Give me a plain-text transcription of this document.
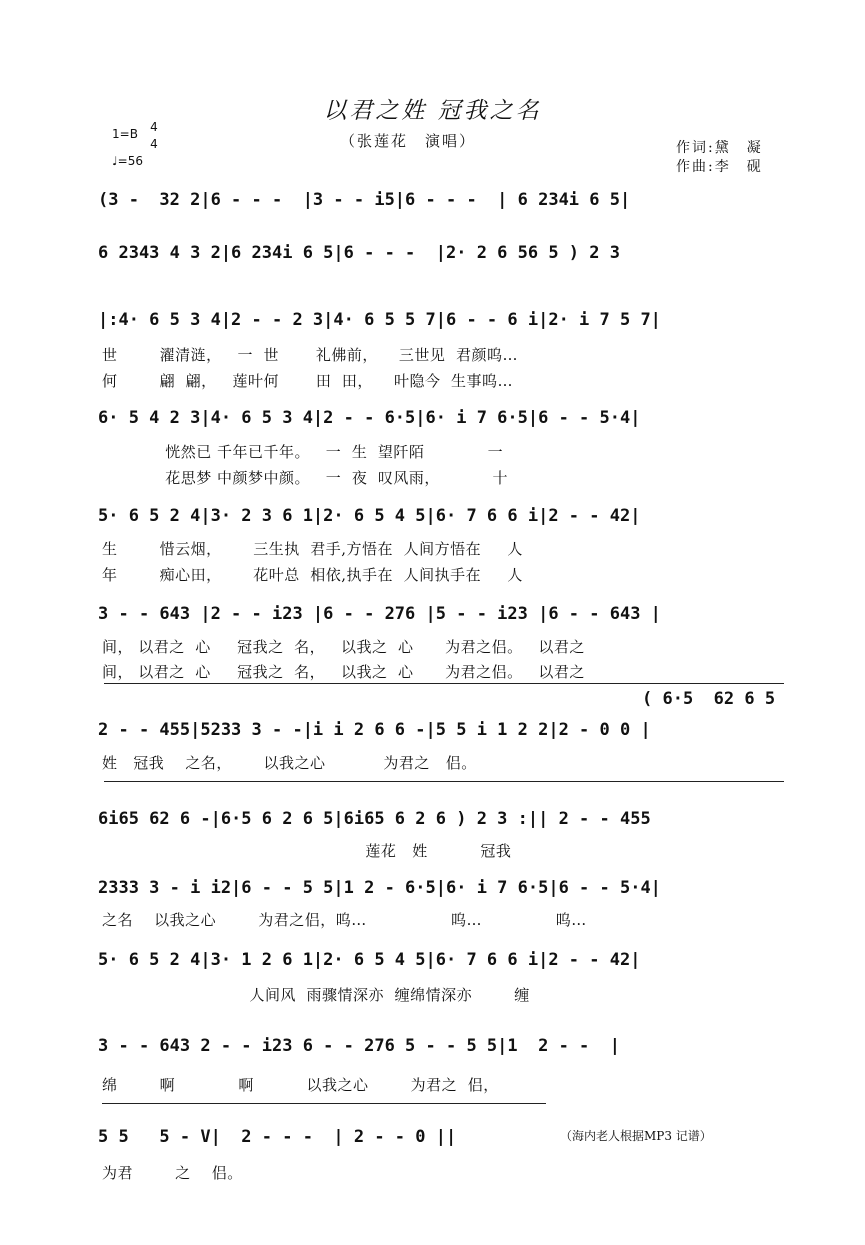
以君之姓 冠我之名
（张莲花　演唱）	作词:黛　凝
作曲:李　砚
1=B 4
4
♩=56
(3 -  32 2|6 - - -  |3 - - i5|6 - - -  | 6 234i 6 5|
6 2343 4 3 2|6 234i 6 5|6 - - -  |2· 2 6 56 5 ) 2 3
|:4· 6 5 3 4|2 - - 2 3|4· 6 5 5 7|6 - - 6 i|2· i 7 5 7|
世        濯清涟，   一  世       礼佛前，    三世见  君颜呜…
何        翩  翩，   莲叶何       田  田，    叶隐今  生事呜…
6· 5 4 2 3|4· 6 5 3 4|2 - - 6·5|6· i 7 6·5|6 - - 5·4|
恍然已 千年已千年。   一  生  望阡陌            一
花思梦 中颜梦中颜。   一  夜  叹风雨，          十
5· 6 5 2 4|3· 2 3 6 1|2· 6 5 4 5|6· 7 6 6 i|2 - - 42|
生        惜云烟，      三生执  君手,方悟在  人间方悟在     人
年        痴心田，      花叶总  相依,执手在  人间执手在     人
3 - - 643 |2 - - i23 |6 - - 276 |5 - - i23 |6 - - 643 |
间， 以君之  心     冠我之  名，   以我之  心      为君之侣。   以君之
间， 以君之  心     冠我之  名，   以我之  心      为君之侣。   以君之
( 6·5  62 6 5
2 - - 455|5233 3 - -|i i 2 6 6 -|5 5 i 1 2 2|2 - 0 0 |
姓   冠我    之名，      以我之心           为君之   侣。
6i65 62 6 -|6·5 6 2 6 5|6i65 6 2 6 ) 2 3 :|| 2 - - 455
莲花   姓          冠我
2333 3 - i i2|6 - - 5 5|1 2 - 6·5|6· i 7 6·5|6 - - 5·4|
之名    以我之心        为君之侣，呜…                呜…              呜…
5· 6 5 2 4|3· 1 2 6 1|2· 6 5 4 5|6· 7 6 6 i|2 - - 42|
人间风  雨骤情深亦  缠绵情深亦        缠
3 - - 643 2 - - i23 6 - - 276 5 - - 5 5|1  2 - -  |
绵        啊            啊          以我之心        为君之  侣，
5 5   5 - V|  2 - - -  | 2 - - 0 ||	（海内老人根据MP3 记谱）
为君        之    侣。
